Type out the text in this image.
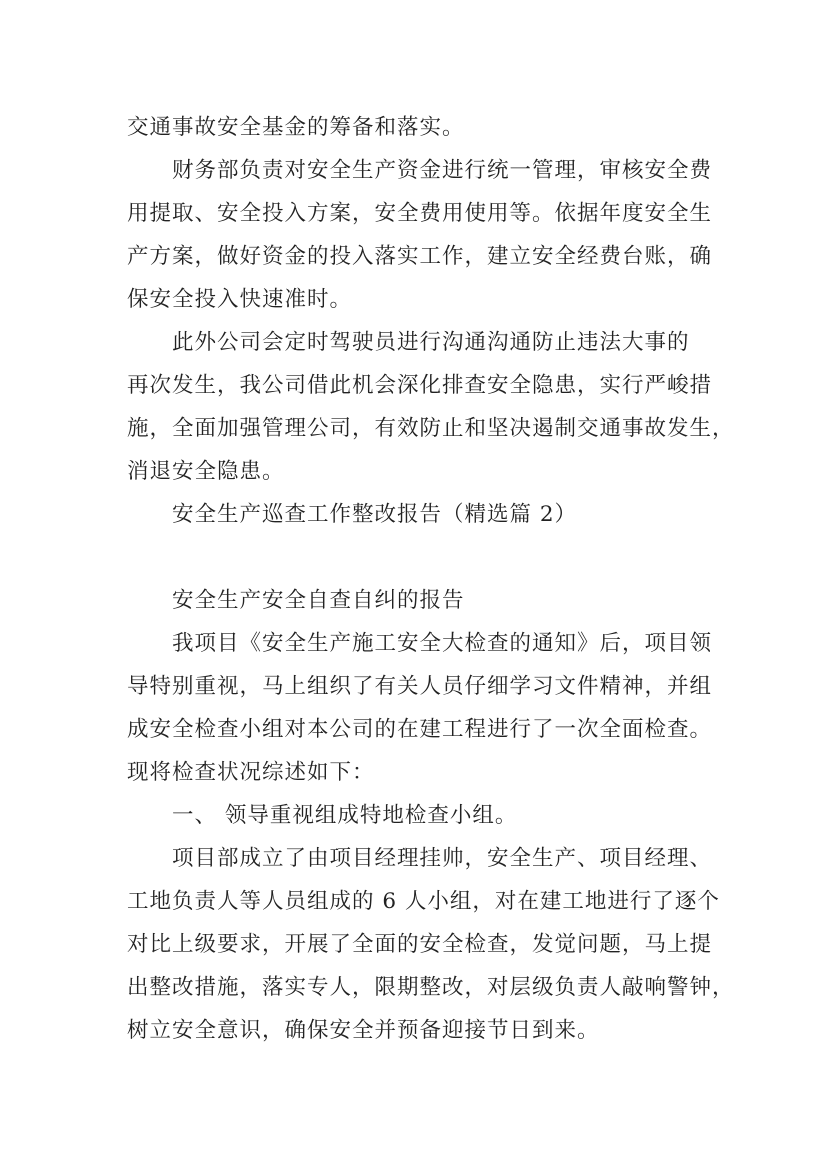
交通事故安全基金的筹备和落实。
财务部负责对安全生产资金进行统一管理，审核安全费
用提取、安全投入方案，安全费用使用等。依据年度安全生
产方案，做好资金的投入落实工作，建立安全经费台账，确
保安全投入快速准时。
此外公司会定时驾驶员进行沟通沟通防止违法大事的
再次发生，我公司借此机会深化排查安全隐患，实行严峻措
施，全面加强管理公司，有效防止和坚决遏制交通事故发生，
消退安全隐患。
安全生产巡查工作整改报告（精选篇 2）
安全生产安全自查自纠的报告
我项目《安全生产施工安全大检查的通知》后，项目领
导特别重视，马上组织了有关人员仔细学习文件精神，并组
成安全检查小组对本公司的在建工程进行了一次全面检查。
现将检查状况综述如下：
一、 领导重视组成特地检查小组。
项目部成立了由项目经理挂帅，安全生产、项目经理、
工地负责人等人员组成的 6 人小组，对在建工地进行了逐个
对比上级要求，开展了全面的安全检查，发觉问题，马上提
出整改措施，落实专人，限期整改，对层级负责人敲响警钟，
树立安全意识，确保安全并预备迎接节日到来。
